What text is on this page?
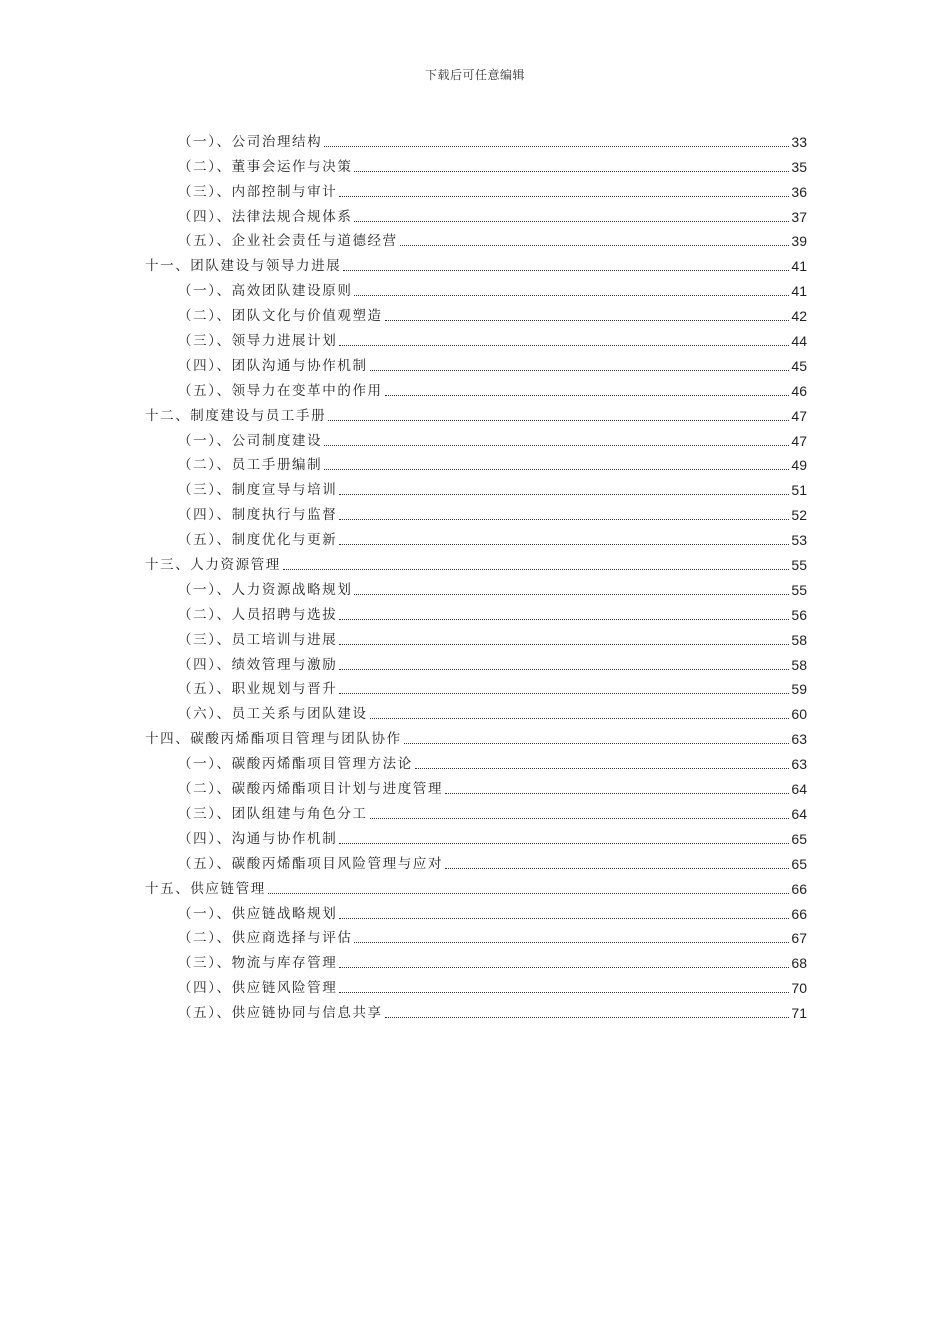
下载后可任意编辑
（一）、公司治理结构	33
（二）、董事会运作与决策	35
（三）、内部控制与审计	36
（四）、法律法规合规体系	37
（五）、企业社会责任与道德经营	39
十一、团队建设与领导力进展	41
（一）、高效团队建设原则	41
（二）、团队文化与价值观塑造	42
（三）、领导力进展计划	44
（四）、团队沟通与协作机制	45
（五）、领导力在变革中的作用	46
十二、制度建设与员工手册	47
（一）、公司制度建设	47
（二）、员工手册编制	49
（三）、制度宣导与培训	51
（四）、制度执行与监督	52
（五）、制度优化与更新	53
十三、人力资源管理	55
（一）、人力资源战略规划	55
（二）、人员招聘与选拔	56
（三）、员工培训与进展	58
（四）、绩效管理与激励	58
（五）、职业规划与晋升	59
（六）、员工关系与团队建设	60
十四、碳酸丙烯酯项目管理与团队协作	63
（一）、碳酸丙烯酯项目管理方法论	63
（二）、碳酸丙烯酯项目计划与进度管理	64
（三）、团队组建与角色分工	64
（四）、沟通与协作机制	65
（五）、碳酸丙烯酯项目风险管理与应对	65
十五、供应链管理	66
（一）、供应链战略规划	66
（二）、供应商选择与评估	67
（三）、物流与库存管理	68
（四）、供应链风险管理	70
（五）、供应链协同与信息共享	71
